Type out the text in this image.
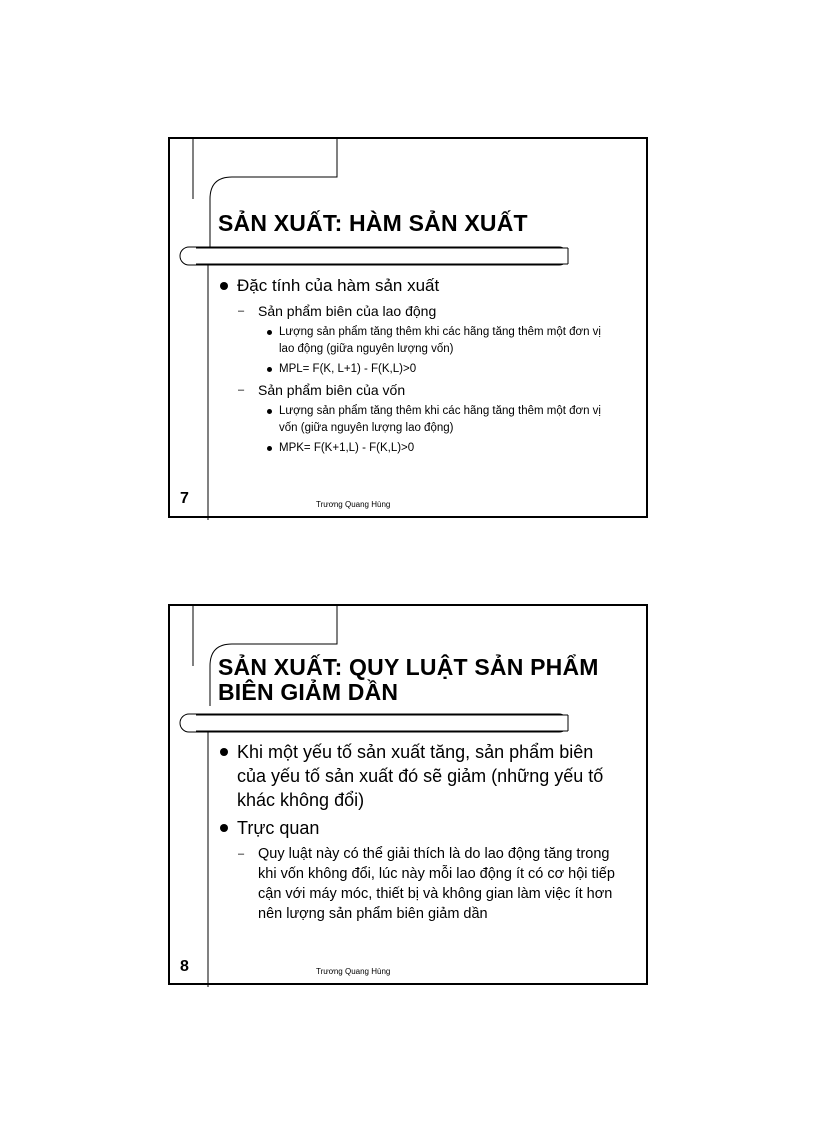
SẢN XUẤT: HÀM SẢN XUẤT
Đặc tính của hàm sản xuất
– Sản phẩm biên của lao động
Lượng sản phẩm tăng thêm khi các hãng tăng thêm một đơn vị lao động (giữa nguyên lượng vốn)
MPL= F(K, L+1) - F(K,L)>0
– Sản phẩm biên của vốn
Lượng sản phẩm tăng thêm khi các hãng tăng thêm một đơn vị vốn (giữa nguyên lượng lao động)
MPK= F(K+1,L) - F(K,L)>0

7	Trương Quang Hùng

SẢN XUẤT: QUY LUẬT SẢN PHẨM BIÊN GIẢM DẦN
Khi một yếu tố sản xuất tăng, sản phẩm biên của yếu tố sản xuất đó sẽ giảm (những yếu tố khác không đổi)
Trực quan
– Quy luật này có thể giải thích là do lao động tăng trong khi vốn không đổi, lúc này mỗi lao động ít có cơ hội tiếp cận với máy móc, thiết bị và không gian làm việc ít hơn nên lượng sản phẩm biên giảm dần

8	Trương Quang Hùng
